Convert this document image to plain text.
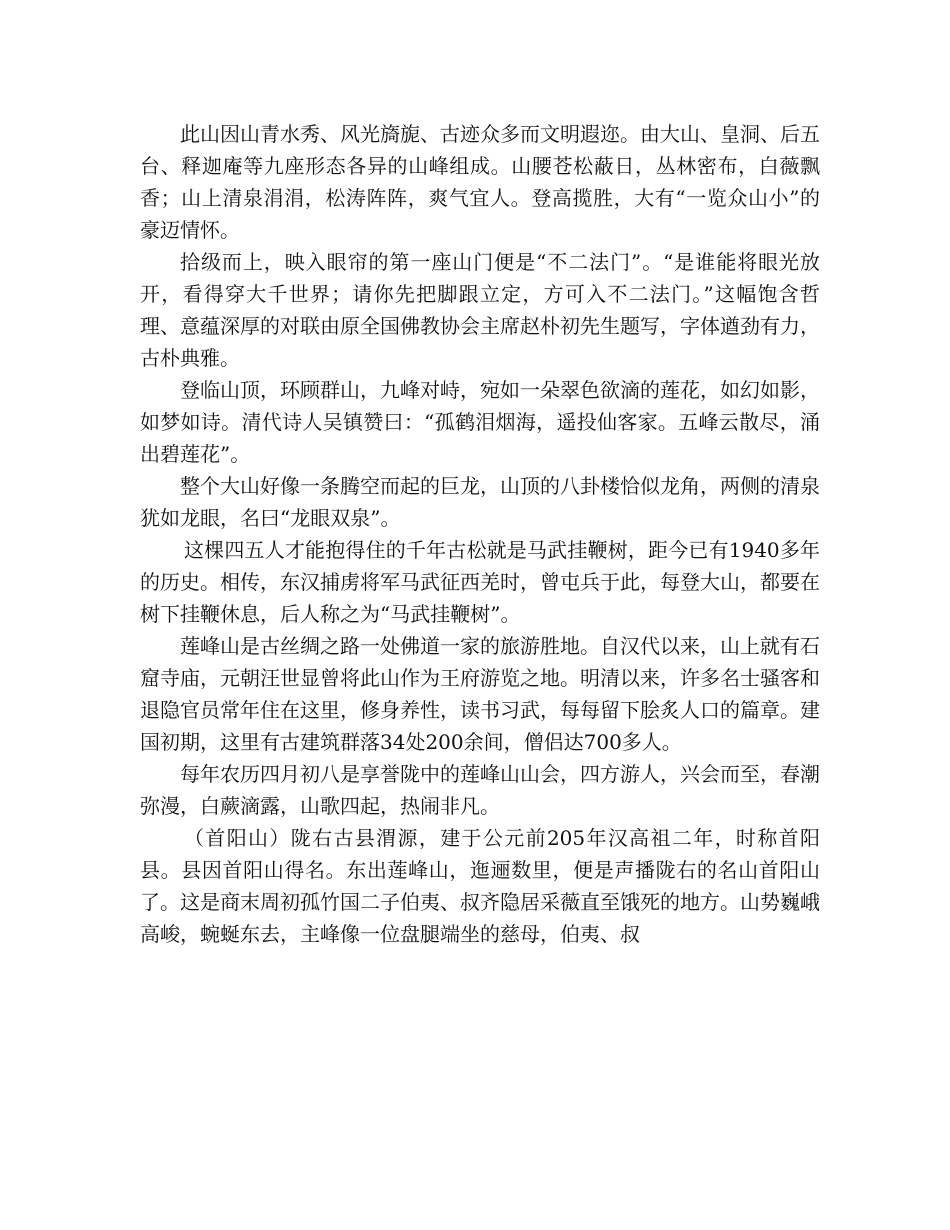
此山因山青水秀、风光旖旎、古迹众多而文明遐迩。由大山、皇洞、后五台、释迦庵等九座形态各异的山峰组成。山腰苍松蔽日，丛林密布，白薇飘香；山上清泉涓涓，松涛阵阵，爽气宜人。登高揽胜，大有“一览众山小”的豪迈情怀。

拾级而上，映入眼帘的第一座山门便是“不二法门”。“是谁能将眼光放开，看得穿大千世界；请你先把脚跟立定，方可入不二法门。”这幅饱含哲理、意蕴深厚的对联由原全国佛教协会主席赵朴初先生题写，字体遒劲有力，古朴典雅。

登临山顶，环顾群山，九峰对峙，宛如一朵翠色欲滴的莲花，如幻如影，如梦如诗。清代诗人吴镇赞曰：“孤鹤泪烟海，遥投仙客家。五峰云散尽，涌出碧莲花”。

整个大山好像一条腾空而起的巨龙，山顶的八卦楼恰似龙角，两侧的清泉犹如龙眼，名曰“龙眼双泉”。

这棵四五人才能抱得住的千年古松就是马武挂鞭树，距今已有1940多年的历史。相传，东汉捕虏将军马武征西羌时，曾屯兵于此，每登大山，都要在树下挂鞭休息，后人称之为“马武挂鞭树”。

莲峰山是古丝绸之路一处佛道一家的旅游胜地。自汉代以来，山上就有石窟寺庙，元朝汪世显曾将此山作为王府游览之地。明清以来，许多名士骚客和退隐官员常年住在这里，修身养性，读书习武，每每留下脍炙人口的篇章。建国初期，这里有古建筑群落34处200余间，僧侣达700多人。

每年农历四月初八是享誉陇中的莲峰山山会，四方游人，兴会而至，春潮弥漫，白蕨滴露，山歌四起，热闹非凡。

（首阳山）陇右古县渭源，建于公元前205年汉高祖二年，时称首阳县。县因首阳山得名。东出莲峰山，迤逦数里，便是声播陇右的名山首阳山了。这是商末周初孤竹国二子伯夷、叔齐隐居采薇直至饿死的地方。山势巍峨高峻，蜿蜒东去，主峰像一位盘腿端坐的慈母，伯夷、叔
